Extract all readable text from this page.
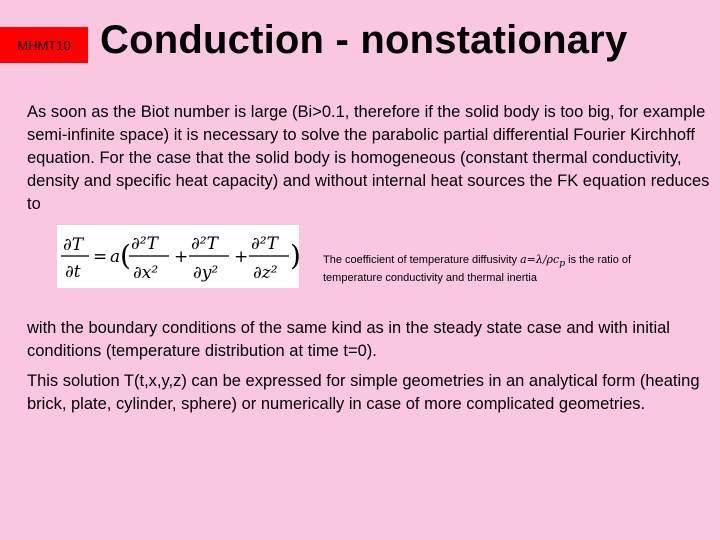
MHMT10 Conduction - nonstationary

As soon as the Biot number is large (Bi>0.1, therefore if the solid body is too big, for example semi-infinite space) it is necessary to solve the parabolic partial differential Fourier Kirchhoff equation. For the case that the solid body is homogeneous (constant thermal conductivity, density and specific heat capacity) and without internal heat sources the FK equation reduces to

∂T
∂t
= a ( ∂²T
∂x²
+
∂²T
∂y²
+
∂²T
∂z²
) The coefficient of temperature diffusivity $a=\lambda/\rho c_p$ is the ratio of temperature conductivity and thermal inertia

with the boundary conditions of the same kind as in the steady state case and with initial conditions (temperature distribution at time t=0).

This solution T(t,x,y,z) can be expressed for simple geometries in an analytical form (heating brick, plate, cylinder, sphere) or numerically in case of more complicated geometries.
